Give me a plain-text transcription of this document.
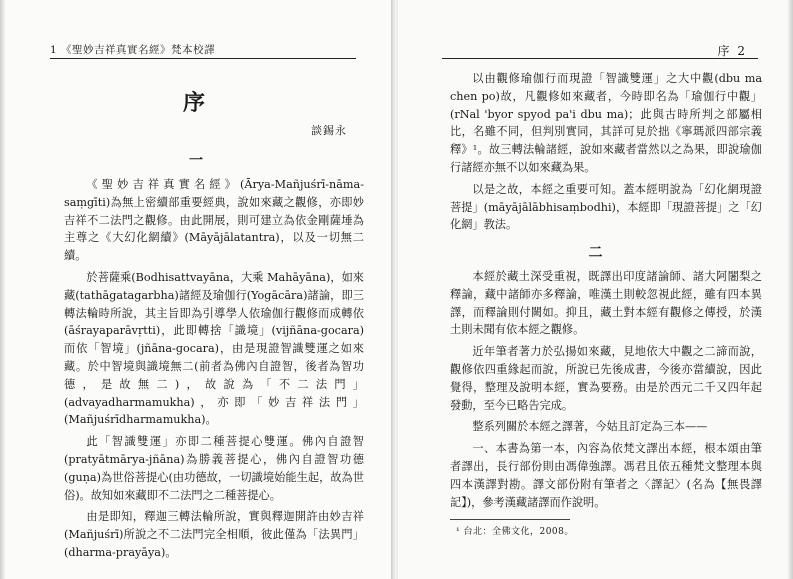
1 《聖妙吉祥真實名經》梵本校譯
序
談錫永
一

《聖妙吉祥真實名經》(Ārya-Mañjuśrī-nāma-saṃgīti)為無上密續部重要經典，說如來藏之觀修，亦即妙吉祥不二法門之觀修。由此開展，則可建立為依金剛薩埵為主尊之《大幻化網續》(Māyājālatantra)，以及一切無二續。

於菩薩乘(Bodhisattvayāna，大乘 Mahāyāna)，如來藏(tathāgatagarbha)諸經及瑜伽行(Yogācāra)諸論，即三轉法輪時所說，其主旨即為引導學人依瑜伽行觀修而成轉依(āśrayaparāvṛtti)，此即轉捨「識境」(vijñāna-gocara)而依「智境」(jñāna-gocara)，由是現證智識雙運之如來藏。於中智境與識境無二(前者為佛內自證智，後者為智功德，是故無二)，故說為「不二法門」(advayadharmamukha)，亦即「妙吉祥法門」(Mañjuśrīdharmamukha)。

此「智識雙運」亦即二種菩提心雙運。佛內自證智(pratyātmārya-jñāna)為勝義菩提心，佛內自證智功德(guṇa)為世俗菩提心(由功德故，一切識境始能生起，故為世俗)。故知如來藏即不二法門之二種菩提心。

由是即知，釋迦三轉法輪所說，實與釋迦開許由妙吉祥(Mañjuśrī)所說之不二法門完全相順，彼此僅為「法異門」(dharma-prayāya)。

序 2

以由觀修瑜伽行而現證「智識雙運」之大中觀(dbu ma chen po)故，凡觀修如來藏者，今時即名為「瑜伽行中觀」(rNal 'byor spyod pa'i dbu ma)；此與古時所判之部屬相比，名雖不同，但判別實同，其詳可見於拙《寧瑪派四部宗義釋》¹。故三轉法輪諸經，說如來藏者當然以之為果，即說瑜伽行諸經亦無不以如來藏為果。

以是之故，本經之重要可知。蓋本經明說為「幻化網現證菩提」(māyājālābhisaṃbodhi)，本經即「現證菩提」之「幻化網」教法。

二

本經於藏土深受重視，既譯出印度諸論師、諸大阿闍梨之釋論，藏中諸師亦多釋論，唯漢土則較忽視此經，雖有四本異譯，而釋論則付闕如。抑且，藏土對本經有觀修之傳授，於漢土則未聞有依本經之觀修。

近年筆者著力於弘揚如來藏，見地依大中觀之二諦而說，觀修依四重緣起而說，所說已先後成書，今後亦當續說，因此覺得，整理及說明本經，實為要務。由是於西元二千又四年起發動，至今已略告完成。

整系列關於本經之譯著，今姑且訂定為三本——

一、本書為第一本，內容為依梵文譯出本經，根本頌由筆者譯出，長行部份則由馮偉強譯。馮君且依五種梵文整理本與四本漢譯對勘。譯文部份附有筆者之〈譯記〉(名為【無畏譯記】)，參考漢藏諸譯而作說明。

¹ 台北：全佛文化，2008。
